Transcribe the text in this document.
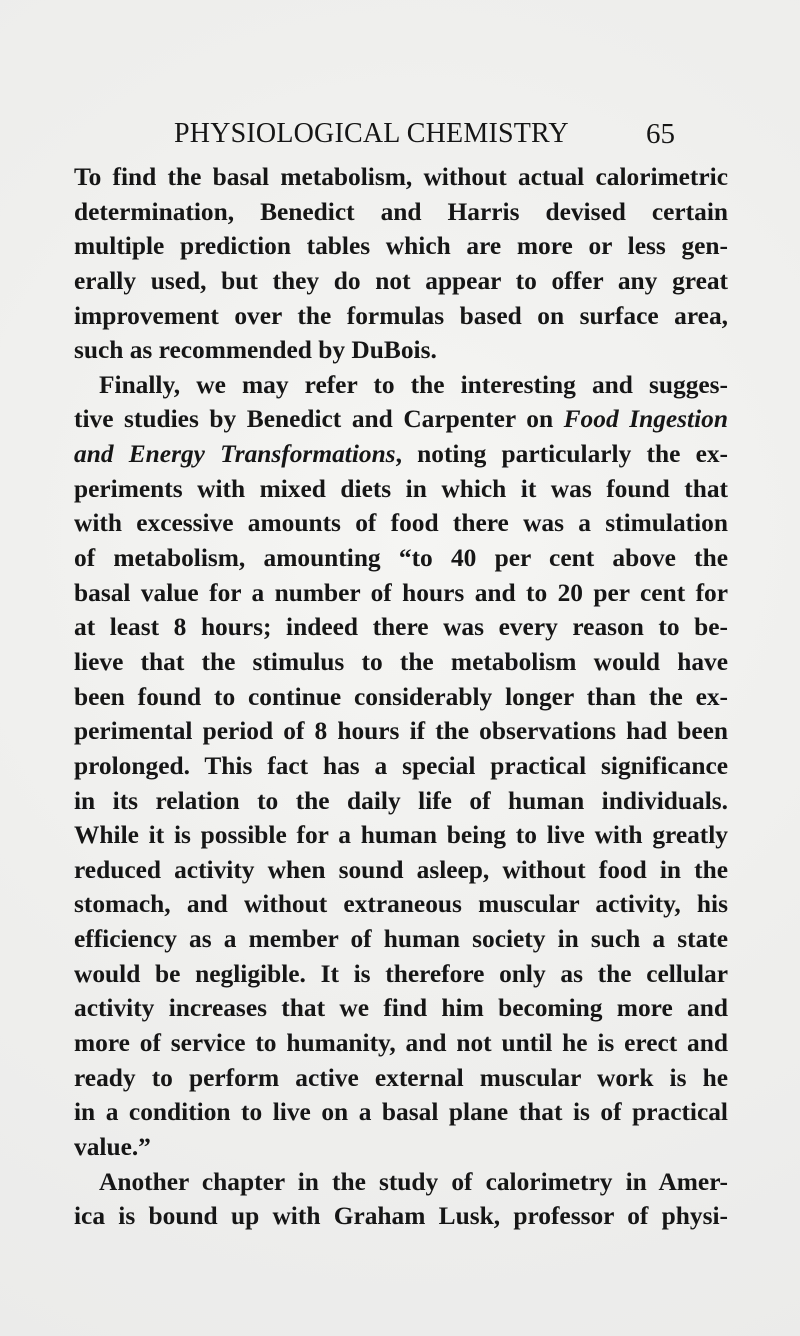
PHYSIOLOGICAL CHEMISTRY	65
To find the basal metabolism, without actual calorimetric
determination, Benedict and Harris devised certain
multiple prediction tables which are more or less gen-
erally used, but they do not appear to offer any great
improvement over the formulas based on surface area,
such as recommended by DuBois.
Finally, we may refer to the interesting and sugges-
tive studies by Benedict and Carpenter on Food Ingestion
and Energy Transformations, noting particularly the ex-
periments with mixed diets in which it was found that
with excessive amounts of food there was a stimulation
of metabolism, amounting “to 40 per cent above the
basal value for a number of hours and to 20 per cent for
at least 8 hours; indeed there was every reason to be-
lieve that the stimulus to the metabolism would have
been found to continue considerably longer than the ex-
perimental period of 8 hours if the observations had been
prolonged. This fact has a special practical significance
in its relation to the daily life of human individuals.
While it is possible for a human being to live with greatly
reduced activity when sound asleep, without food in the
stomach, and without extraneous muscular activity, his
efficiency as a member of human society in such a state
would be negligible. It is therefore only as the cellular
activity increases that we find him becoming more and
more of service to humanity, and not until he is erect and
ready to perform active external muscular work is he
in a condition to live on a basal plane that is of practical
value.”
Another chapter in the study of calorimetry in Amer-
ica is bound up with Graham Lusk, professor of physi-
